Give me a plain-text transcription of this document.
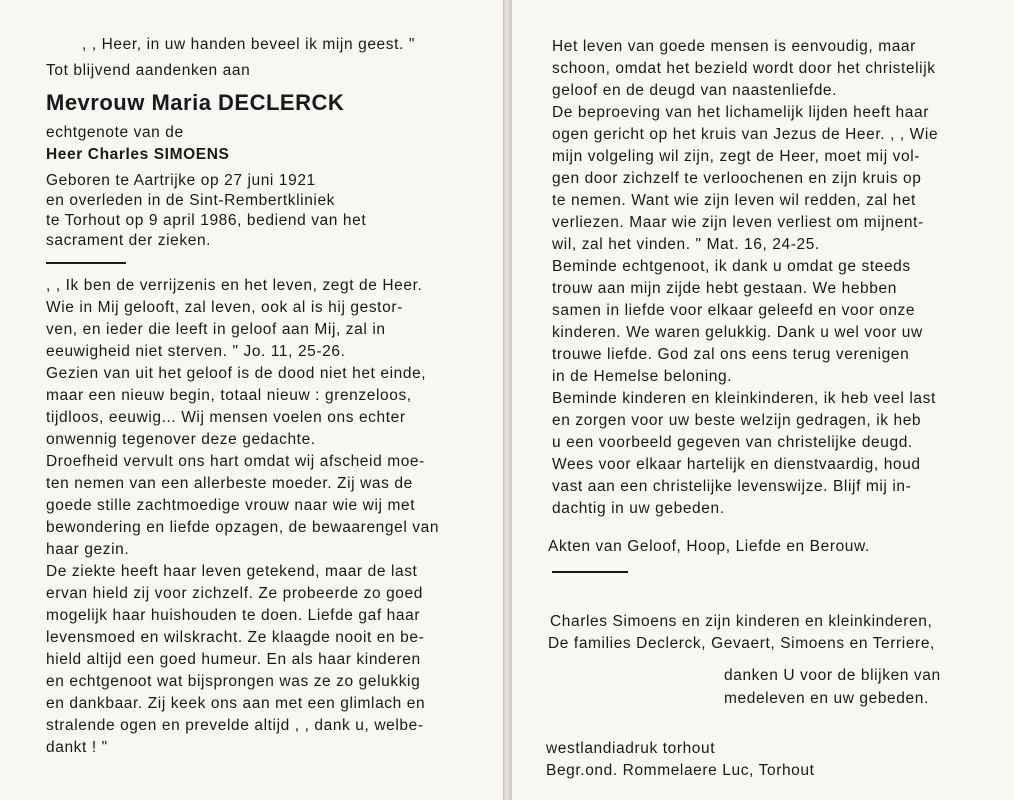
, , Heer, in uw handen beveel ik mijn geest. "
Tot blijvend aandenken aan
Mevrouw Maria DECLERCK
echtgenote van de
Heer Charles SIMOENS
Geboren te Aartrijke op 27 juni 1921
en overleden in de Sint-Rembertkliniek
te Torhout op 9 april 1986, bediend van het
sacrament der zieken.
, , Ik ben de verrijzenis en het leven, zegt de Heer.
Wie in Mij gelooft, zal leven, ook al is hij gestor-
ven, en ieder die leeft in geloof aan Mij, zal in
eeuwigheid niet sterven. " Jo. 11, 25-26.
Gezien van uit het geloof is de dood niet het einde,
maar een nieuw begin, totaal nieuw : grenzeloos,
tijdloos, eeuwig... Wij mensen voelen ons echter
onwennig tegenover deze gedachte.
Droefheid vervult ons hart omdat wij afscheid moe-
ten nemen van een allerbeste moeder. Zij was de
goede stille zachtmoedige vrouw naar wie wij met
bewondering en liefde opzagen, de bewaarengel van
haar gezin.
De ziekte heeft haar leven getekend, maar de last
ervan hield zij voor zichzelf. Ze probeerde zo goed
mogelijk haar huishouden te doen. Liefde gaf haar
levensmoed en wilskracht. Ze klaagde nooit en be-
hield altijd een goed humeur. En als haar kinderen
en echtgenoot wat bijsprongen was ze zo gelukkig
en dankbaar. Zij keek ons aan met een glimlach en
stralende ogen en prevelde altijd , , dank u, welbe-
dankt ! "
Het leven van goede mensen is eenvoudig, maar
schoon, omdat het bezield wordt door het christelijk
geloof en de deugd van naastenliefde.
De beproeving van het lichamelijk lijden heeft haar
ogen gericht op het kruis van Jezus de Heer. , , Wie
mijn volgeling wil zijn, zegt de Heer, moet mij vol-
gen door zichzelf te verloochenen en zijn kruis op
te nemen. Want wie zijn leven wil redden, zal het
verliezen. Maar wie zijn leven verliest om mijnent-
wil, zal het vinden. " Mat. 16, 24-25.
Beminde echtgenoot, ik dank u omdat ge steeds
trouw aan mijn zijde hebt gestaan. We hebben
samen in liefde voor elkaar geleefd en voor onze
kinderen. We waren gelukkig. Dank u wel voor uw
trouwe liefde. God zal ons eens terug verenigen
in de Hemelse beloning.
Beminde kinderen en kleinkinderen, ik heb veel last
en zorgen voor uw beste welzijn gedragen, ik heb
u een voorbeeld gegeven van christelijke deugd.
Wees voor elkaar hartelijk en dienstvaardig, houd
vast aan een christelijke levenswijze. Blijf mij in-
dachtig in uw gebeden.
Akten van Geloof, Hoop, Liefde en Berouw.
Charles Simoens en zijn kinderen en kleinkinderen,
De families Declerck, Gevaert, Simoens en Terriere,
danken U voor de blijken van
medeleven en uw gebeden.
westlandiadruk torhout
Begr.ond. Rommelaere Luc, Torhout
